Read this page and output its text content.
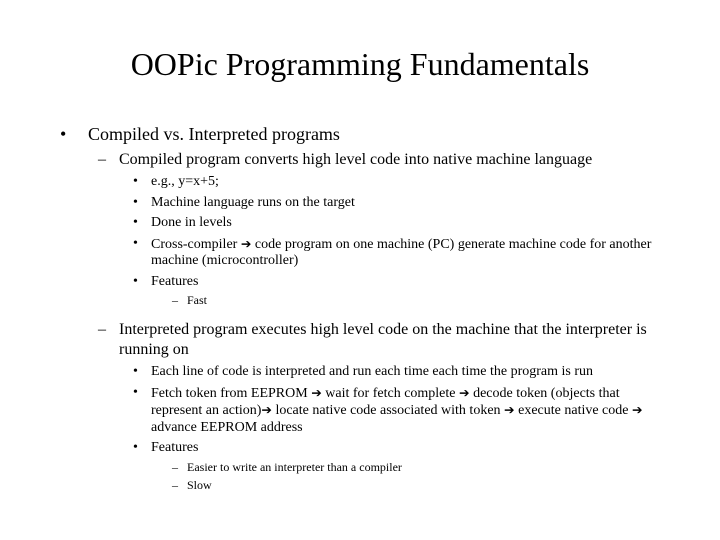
OOPic Programming Fundamentals
•	Compiled vs. Interpreted programs
– Compiled program converts high level code into native machine language
• e.g., y=x+5;
• Machine language runs on the target
• Done in levels
• Cross-compiler ➔ code program on one machine (PC) generate machine code for another machine (microcontroller)
• Features
– Fast
– Interpreted program executes high level code on the machine that the interpreter is running on
• Each line of code is interpreted and run each time each time the program is run
• Fetch token from EEPROM ➔ wait for fetch complete ➔ decode token (objects that represent an action)➔ locate native code associated with token ➔ execute native code ➔ advance EEPROM address
• Features
– Easier to write an interpreter than a compiler
– Slow
